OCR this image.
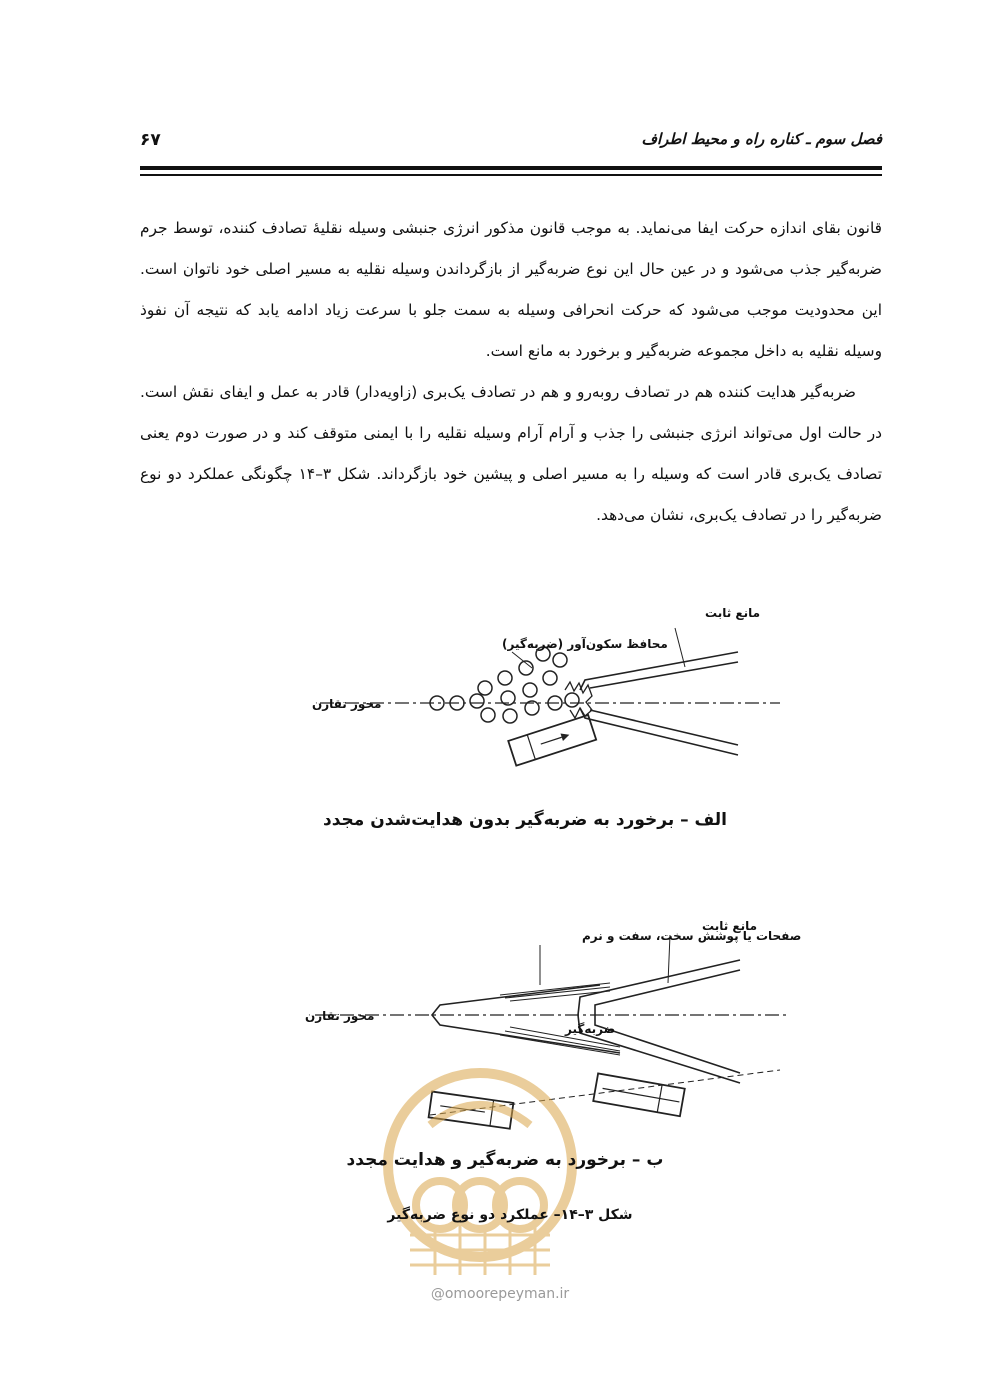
فصل سوم ـ کناره راه و محیط اطراف
۶۷

قانون بقای اندازه حرکت ایفا می‌نماید. به موجب قانون مذکور انرژی جنبشی وسیله نقلیهٔ تصادف کننده، توسط جرم ضربه‌گیر جذب می‌شود و در عین حال این نوع ضربه‌گیر از بازگرداندن وسیله نقلیه به مسیر اصلی خود ناتوان است. این محدودیت موجب می‌شود که حرکت انحرافی وسیله به سمت جلو با سرعت زیاد ادامه یابد که نتیجه آن نفوذ وسیله نقلیه به داخل مجموعه ضربه‌گیر و برخورد به مانع است.

ضربه‌گیر هدایت کننده هم در تصادف روبه‌رو و هم در تصادف یک‌بری (زاویه‌دار) قادر به عمل و ایفای نقش است. در حالت اول می‌تواند انرژی جنبشی را جذب و آرام آرام وسیله نقلیه را با ایمنی متوقف کند و در صورت دوم یعنی تصادف یک‌بری قادر است که وسیله را به مسیر اصلی و پیشین خود بازگرداند. شکل ۳–۱۴ چگونگی عملکرد دو نوع ضربه‌گیر را در تصادف یک‌بری، نشان می‌دهد.

مانع ثابت
محافظ سکون‌آور (ضربه‌گیر)
محور تقارن
الف – برخورد به ضربه‌گیر بدون هدایت‌شدن مجدد
مانع ثابت
صفحات یا پوشش سخت، سفت و نرم
محور تقارن
ضربه‌گیر
ب – برخورد به ضربه‌گیر و هدایت مجدد
شکل ۳–۱۴– عملکرد دو نوع ضربه‌گیر
@omoorepeyman.ir
